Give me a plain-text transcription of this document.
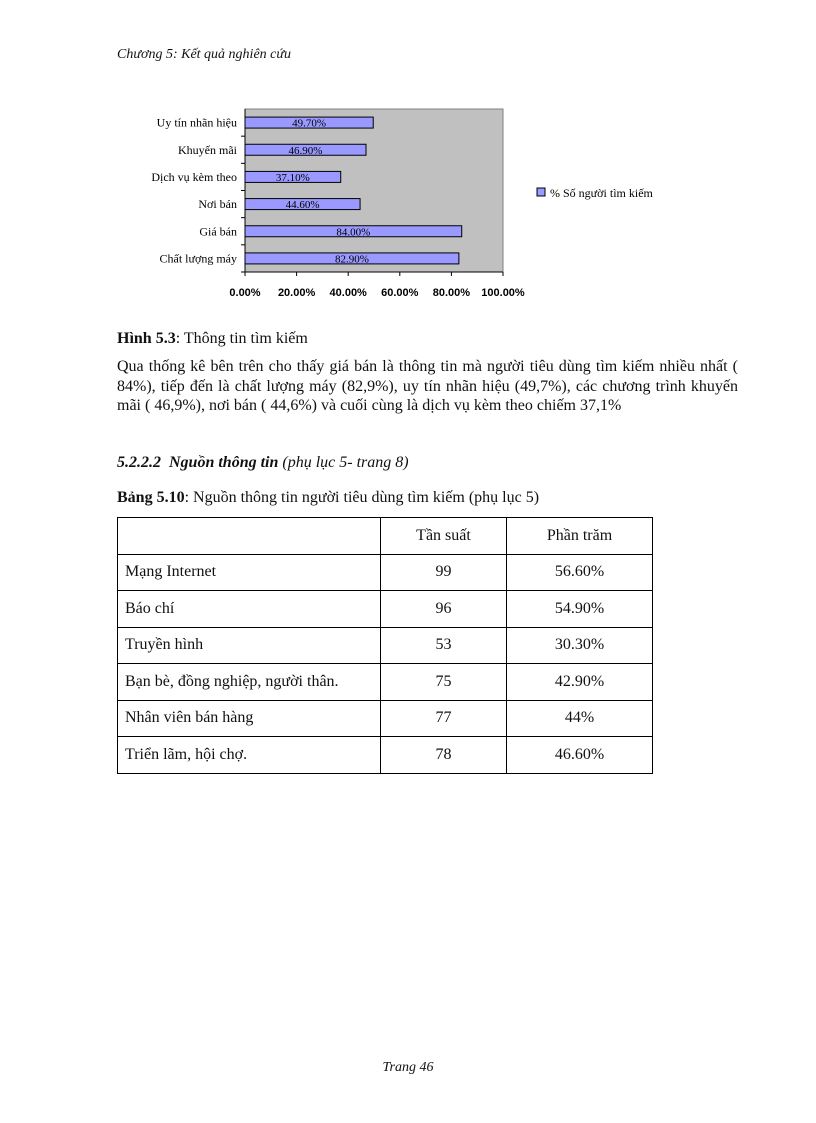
Chương 5: Kết quả nghiên cứu
82.90%
Chất lượng máy
84.00%
Giá bán
44.60%
Nơi bán
37.10%
Dịch vụ kèm theo
46.90%
Khuyến mãi
49.70%
Uy tín nhãn hiệu
0.00% 20.00% 40.00% 60.00% 80.00% 100.00%
% Số người tìm kiếm
Hình 5.3: Thông tin tìm kiếm
Qua thống kê bên trên cho thấy giá bán là thông tin mà người tiêu dùng tìm kiếm nhiều nhất ( 84%), tiếp đến là chất lượng máy (82,9%), uy tín nhãn hiệu (49,7%), các chương trình khuyến mãi ( 46,9%), nơi bán ( 44,6%) và cuối cùng là dịch vụ kèm theo chiếm 37,1%
5.2.2.2 Nguồn thông tin (phụ lục 5- trang 8)
Bảng 5.10: Nguồn thông tin người tiêu dùng tìm kiếm (phụ lục 5)
	Tần suất	Phần trăm
Mạng Internet	99	56.60%
Báo chí	96	54.90%
Truyền hình	53	30.30%
Bạn bè, đồng nghiệp, người thân.	75	42.90%
Nhân viên bán hàng	77	44%
Triển lãm, hội chợ.	78	46.60%
Trang 46
